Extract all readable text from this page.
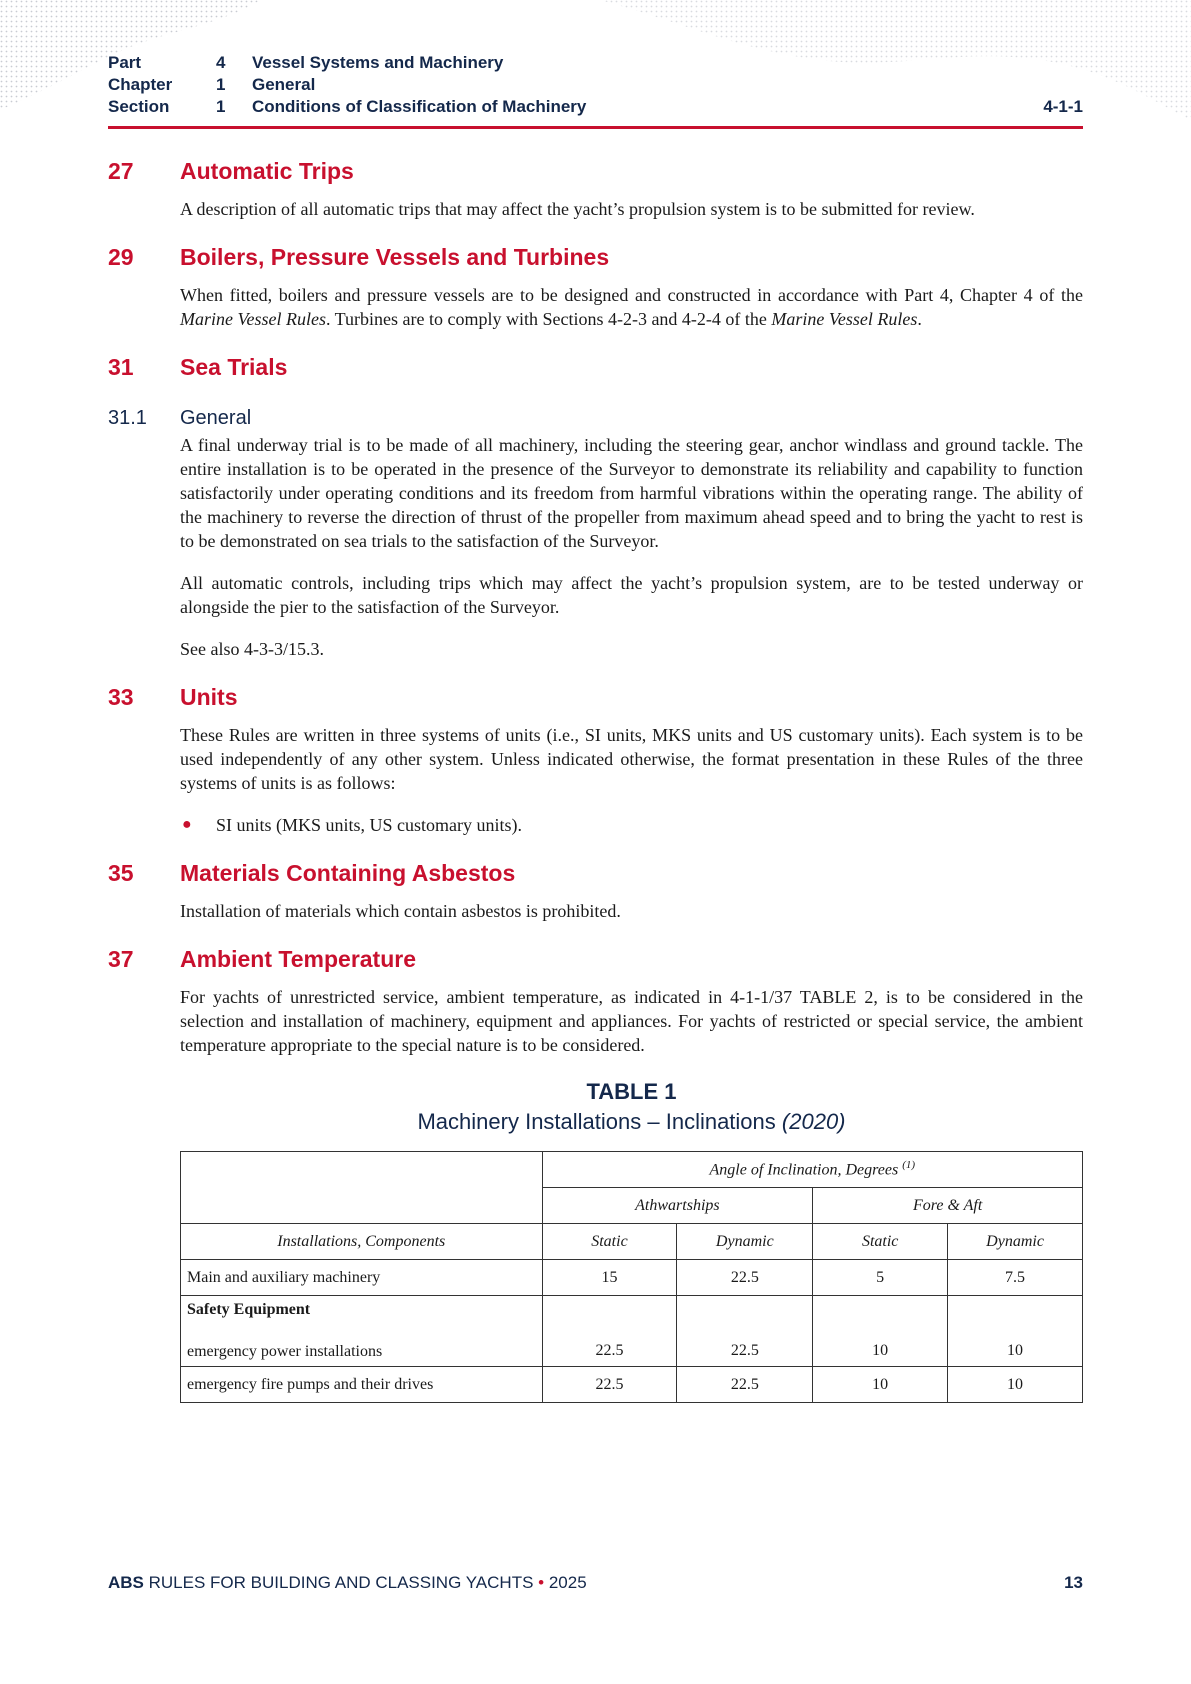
Part	4 Vessel Systems and Machinery
Chapter	1 General
Section	1 Conditions of Classification of Machinery	4-1-1
27 Automatic Trips

A description of all automatic trips that may affect the yacht’s propulsion system is to be submitted for review.

29 Boilers, Pressure Vessels and Turbines

When fitted, boilers and pressure vessels are to be designed and constructed in accordance with Part 4, Chapter 4 of the Marine Vessel Rules. Turbines are to comply with Sections 4-2-3 and 4-2-4 of the Marine Vessel Rules.

31 Sea Trials
31.1 General

A final underway trial is to be made of all machinery, including the steering gear, anchor windlass and ground tackle. The entire installation is to be operated in the presence of the Surveyor to demonstrate its reliability and capability to function satisfactorily under operating conditions and its freedom from harmful vibrations within the operating range. The ability of the machinery to reverse the direction of thrust of the propeller from maximum ahead speed and to bring the yacht to rest is to be demonstrated on sea trials to the satisfaction of the Surveyor.

All automatic controls, including trips which may affect the yacht’s propulsion system, are to be tested underway or alongside the pier to the satisfaction of the Surveyor.

See also 4-3-3/15.3.

33 Units

These Rules are written in three systems of units (i.e., SI units, MKS units and US customary units). Each system is to be used independently of any other system. Unless indicated otherwise, the format presentation in these Rules of the three systems of units is as follows:

● SI units (MKS units, US customary units).
35 Materials Containing Asbestos

Installation of materials which contain asbestos is prohibited.

37 Ambient Temperature

For yachts of unrestricted service, ambient temperature, as indicated in 4-1-1/37 TABLE 2, is to be considered in the selection and installation of machinery, equipment and appliances. For yachts of restricted or special service, the ambient temperature appropriate to the special nature is to be considered.

TABLE 1
Machinery Installations – Inclinations (2020)
	Angle of Inclination, Degrees $^{(1)}$
	Athwartships		Fore & Aft	
Installations, Components	Static	Dynamic	Static	Dynamic
Main and auxiliary machinery	15	22.5	5	7.5

Safety Equipment
emergency power installations	22.5	22.5	10	10
emergency fire pumps and their drives	22.5	22.5	10	10
ABS RULES FOR BUILDING AND CLASSING YACHTS • 2025	13
